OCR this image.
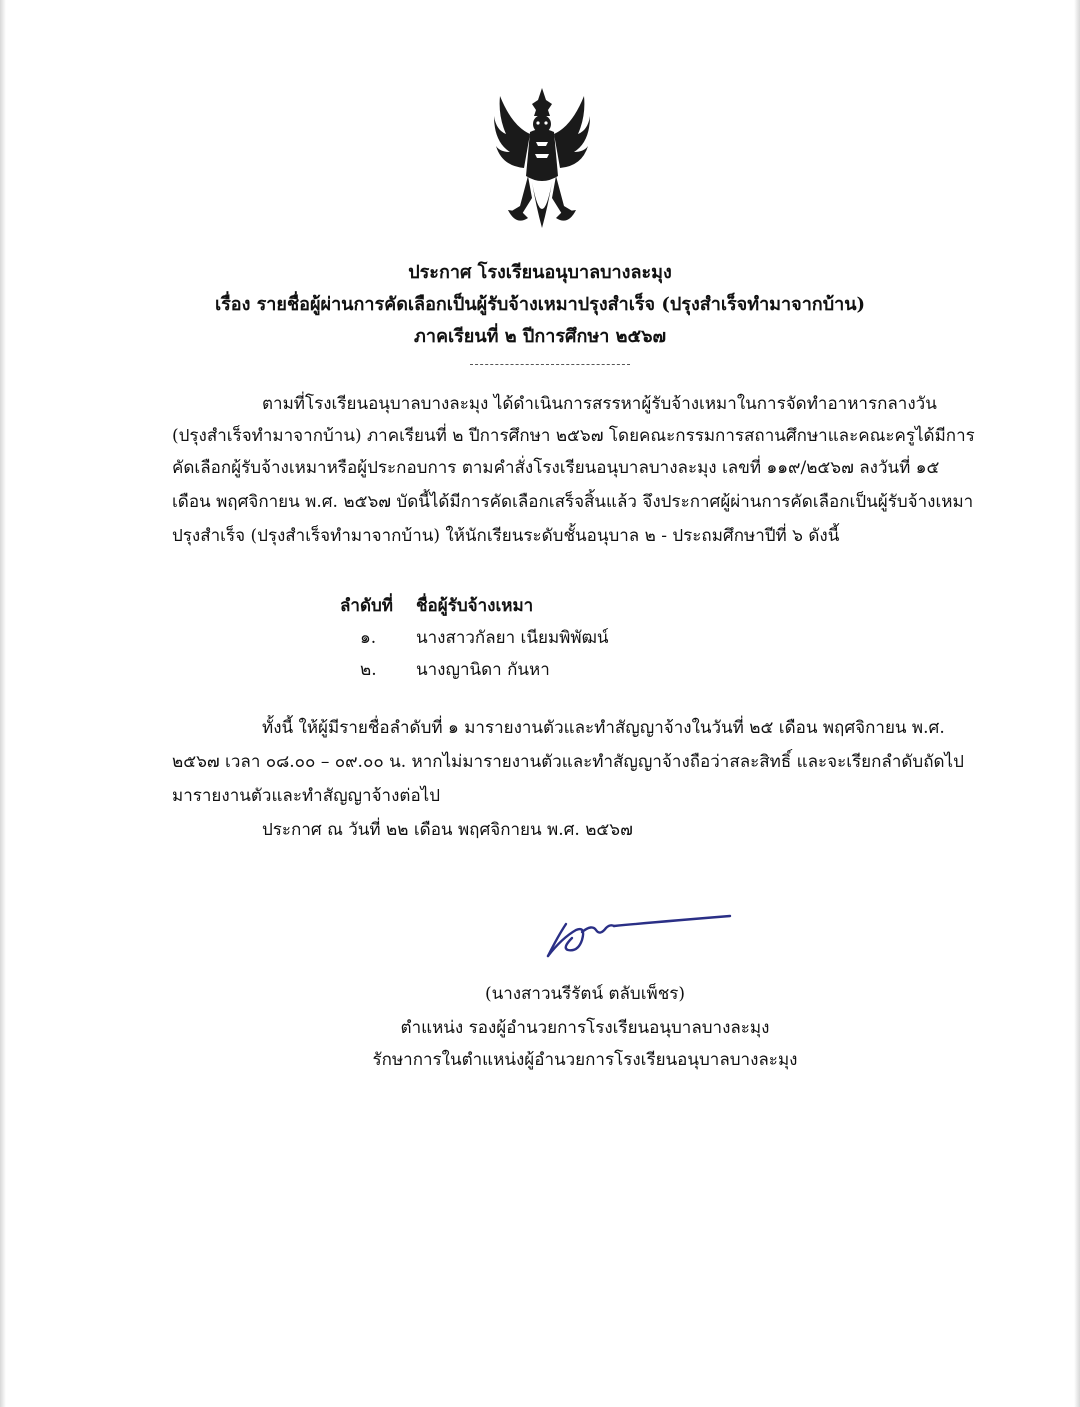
ประกาศ โรงเรียนอนุบาลบางละมุง
เรื่อง รายชื่อผู้ผ่านการคัดเลือกเป็นผู้รับจ้างเหมาปรุงสำเร็จ (ปรุงสำเร็จทำมาจากบ้าน)
ภาคเรียนที่ ๒ ปีการศึกษา ๒๕๖๗
ตามที่โรงเรียนอนุบาลบางละมุง ได้ดำเนินการสรรหาผู้รับจ้างเหมาในการจัดทำอาหารกลางวัน
(ปรุงสำเร็จทำมาจากบ้าน) ภาคเรียนที่ ๒ ปีการศึกษา ๒๕๖๗ โดยคณะกรรมการสถานศึกษาและคณะครูได้มีการ
คัดเลือกผู้รับจ้างเหมาหรือผู้ประกอบการ ตามคำสั่งโรงเรียนอนุบาลบางละมุง เลขที่ ๑๑๙/๒๕๖๗ ลงวันที่ ๑๕
เดือน พฤศจิกายน พ.ศ. ๒๕๖๗ บัดนี้ได้มีการคัดเลือกเสร็จสิ้นแล้ว จึงประกาศผู้ผ่านการคัดเลือกเป็นผู้รับจ้างเหมา
ปรุงสำเร็จ (ปรุงสำเร็จทำมาจากบ้าน) ให้นักเรียนระดับชั้นอนุบาล ๒ - ประถมศึกษาปีที่ ๖ ดังนี้
ลำดับที่ ชื่อผู้รับจ้างเหมา
๑. นางสาวกัลยา เนียมพิพัฒน์
๒. นางญานิดา กันหา
ทั้งนี้ ให้ผู้มีรายชื่อลำดับที่ ๑ มารายงานตัวและทำสัญญาจ้างในวันที่ ๒๕ เดือน พฤศจิกายน พ.ศ.
๒๕๖๗ เวลา ๐๘.๐๐ – ๐๙.๐๐ น. หากไม่มารายงานตัวและทำสัญญาจ้างถือว่าสละสิทธิ์ และจะเรียกลำดับถัดไป
มารายงานตัวและทำสัญญาจ้างต่อไป
ประกาศ ณ วันที่ ๒๒ เดือน พฤศจิกายน พ.ศ. ๒๕๖๗
(นางสาวนรีรัตน์ ตลับเพ็ชร)
ตำแหน่ง รองผู้อำนวยการโรงเรียนอนุบาลบางละมุง
รักษาการในตำแหน่งผู้อำนวยการโรงเรียนอนุบาลบางละมุง
